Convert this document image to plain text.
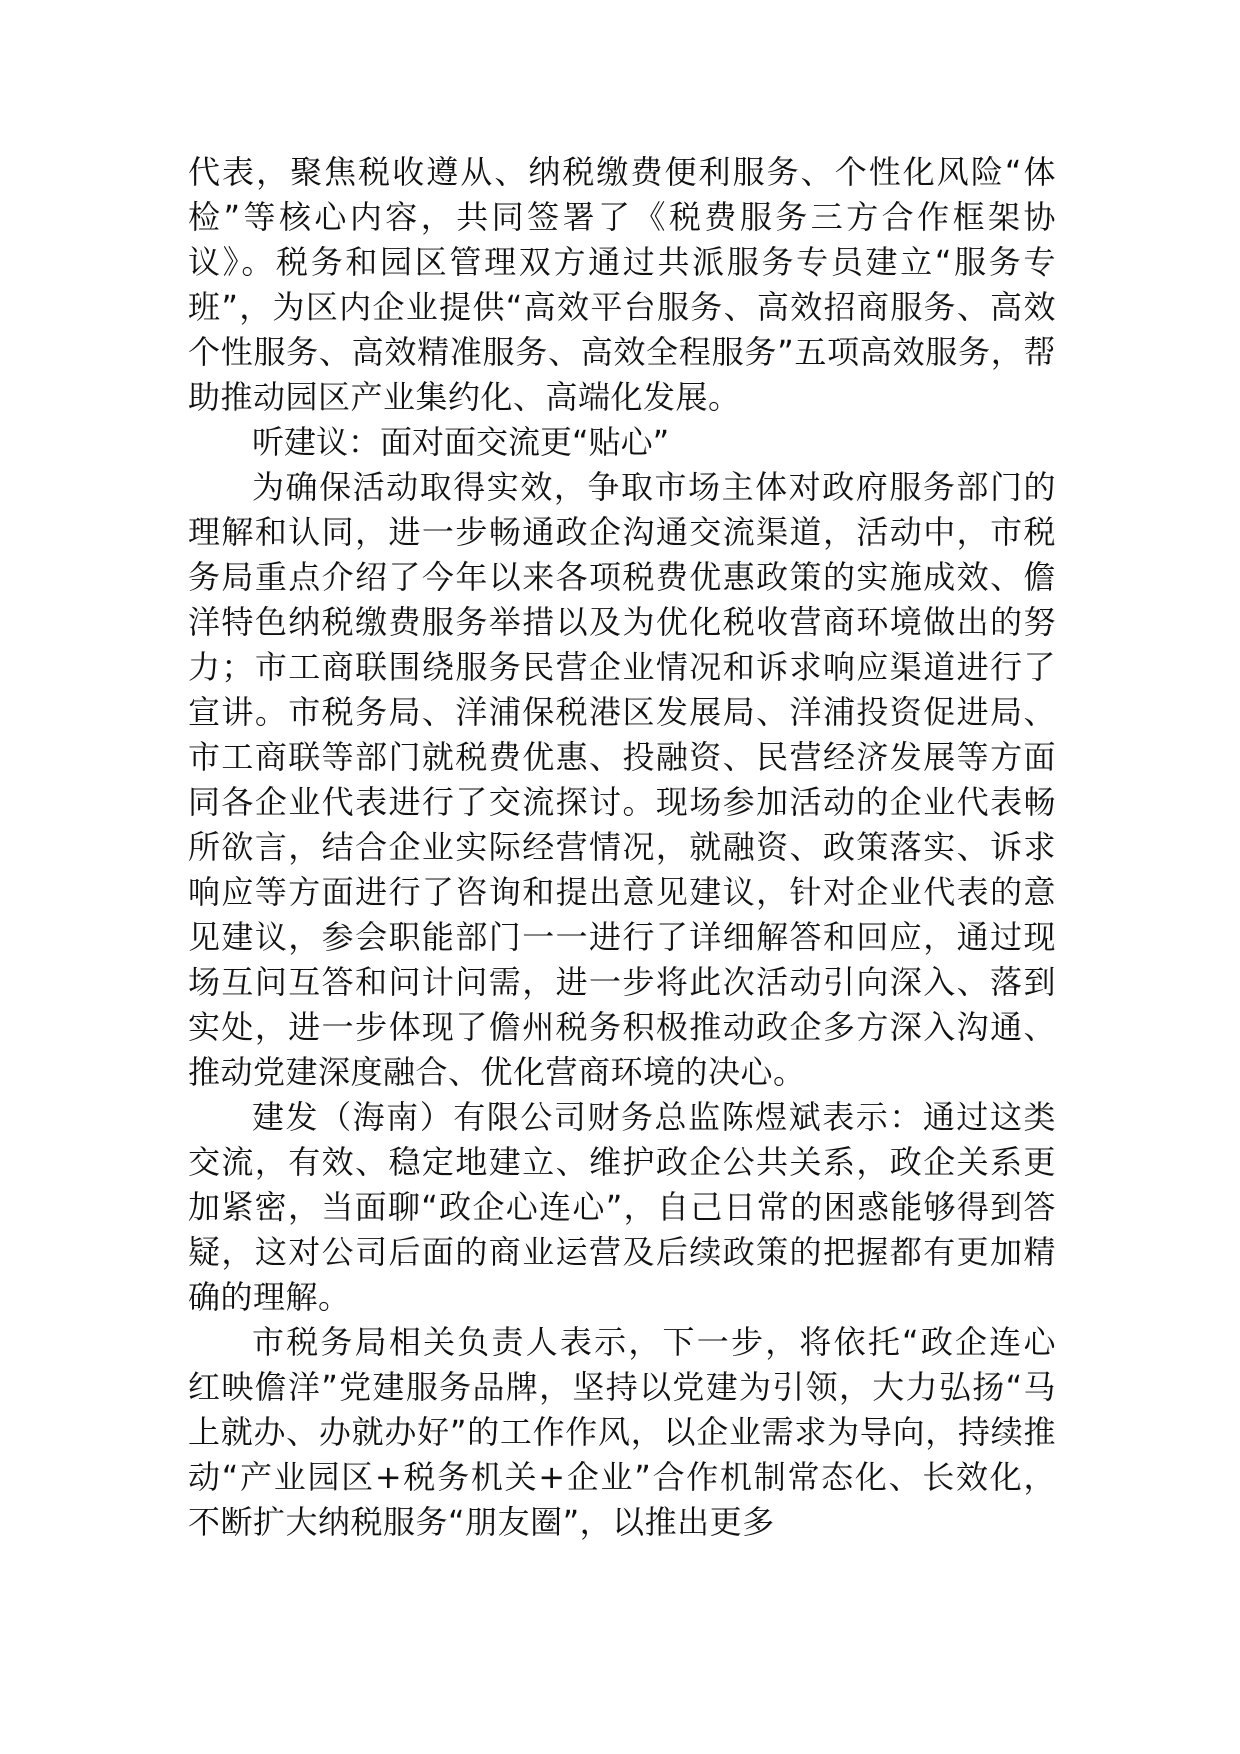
代表，聚焦税收遵从、纳税缴费便利服务、个性化风险“体检”等核心内容，共同签署了《税费服务三方合作框架协议》。税务和园区管理双方通过共派服务专员建立“服务专班”，为区内企业提供“高效平台服务、高效招商服务、高效个性服务、高效精准服务、高效全程服务”五项高效服务，帮助推动园区产业集约化、高端化发展。

听建议：面对面交流更“贴心”

为确保活动取得实效，争取市场主体对政府服务部门的理解和认同，进一步畅通政企沟通交流渠道，活动中，市税务局重点介绍了今年以来各项税费优惠政策的实施成效、儋洋特色纳税缴费服务举措以及为优化税收营商环境做出的努力；市工商联围绕服务民营企业情况和诉求响应渠道进行了宣讲。市税务局、洋浦保税港区发展局、洋浦投资促进局、市工商联等部门就税费优惠、投融资、民营经济发展等方面同各企业代表进行了交流探讨。现场参加活动的企业代表畅所欲言，结合企业实际经营情况，就融资、政策落实、诉求响应等方面进行了咨询和提出意见建议，针对企业代表的意见建议，参会职能部门一一进行了详细解答和回应，通过现场互问互答和问计问需，进一步将此次活动引向深入、落到实处，进一步体现了儋州税务积极推动政企多方深入沟通、推动党建深度融合、优化营商环境的决心。

建发（海南）有限公司财务总监陈煜斌表示：通过这类交流，有效、稳定地建立、维护政企公共关系，政企关系更加紧密，当面聊“政企心连心”，自己日常的困惑能够得到答疑，这对公司后面的商业运营及后续政策的把握都有更加精确的理解。

市税务局相关负责人表示，下一步，将依托“政企连心 红映儋洋”党建服务品牌，坚持以党建为引领，大力弘扬“马上就办、办就办好”的工作作风，以企业需求为导向，持续推动“产业园区+税务机关+企业”合作机制常态化、长效化，不断扩大纳税服务“朋友圈”，以推出更多
